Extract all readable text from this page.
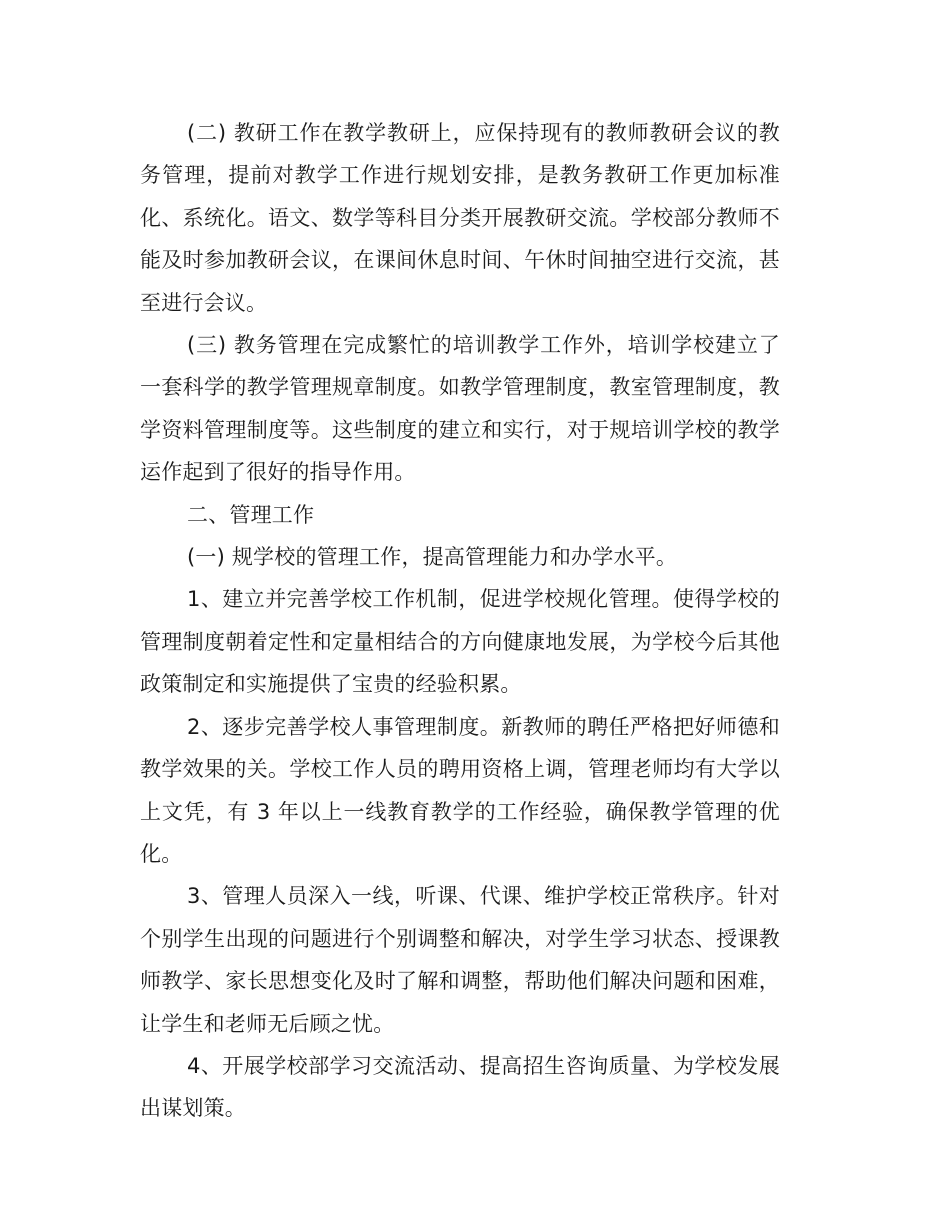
(二) 教研工作在教学教研上，应保持现有的教师教研会议的教务管理，提前对教学工作进行规划安排，是教务教研工作更加标准化、系统化。语文、数学等科目分类开展教研交流。学校部分教师不能及时参加教研会议，在课间休息时间、午休时间抽空进行交流，甚至进行会议。

(三) 教务管理在完成繁忙的培训教学工作外，培训学校建立了一套科学的教学管理规章制度。如教学管理制度，教室管理制度，教学资料管理制度等。这些制度的建立和实行，对于规培训学校的教学运作起到了很好的指导作用。

二、管理工作

(一) 规学校的管理工作，提高管理能力和办学水平。

1、建立并完善学校工作机制，促进学校规化管理。使得学校的管理制度朝着定性和定量相结合的方向健康地发展，为学校今后其他政策制定和实施提供了宝贵的经验积累。

2、逐步完善学校人事管理制度。新教师的聘任严格把好师德和教学效果的关。学校工作人员的聘用资格上调，管理老师均有大学以上文凭，有 3 年以上一线教育教学的工作经验，确保教学管理的优化。

3、管理人员深入一线，听课、代课、维护学校正常秩序。针对个别学生出现的问题进行个别调整和解决，对学生学习状态、授课教师教学、家长思想变化及时了解和调整，帮助他们解决问题和困难，让学生和老师无后顾之忧。

4、开展学校部学习交流活动、提高招生咨询质量、为学校发展出谋划策。
